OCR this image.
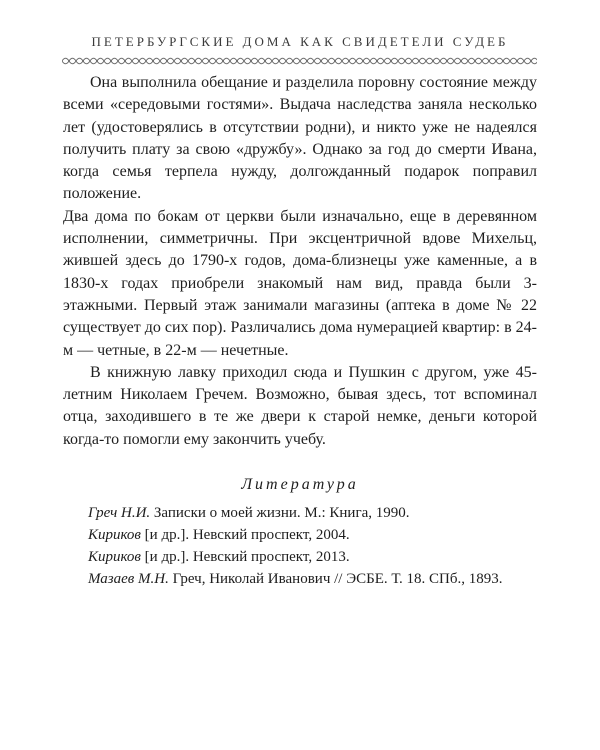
ПЕТЕРБУРГСКИЕ ДОМА КАК СВИДЕТЕЛИ СУДЕБ

Она выполнила обещание и разделила поровну состояние между всеми «середовыми гостями». Выдача наследства заняла несколько лет (удостоверялись в отсутствии родни), и никто уже не надеялся получить плату за свою «дружбу». Однако за год до смерти Ивана, когда семья терпела нужду, долгожданный подарок поправил положение.

Два дома по бокам от церкви были изначально, еще в деревянном исполнении, симметричны. При эксцентричной вдове Михельц, жившей здесь до 1790-х годов, дома-близнецы уже каменные, а в 1830-х годах приобрели знакомый нам вид, правда были 3-этажными. Первый этаж занимали магазины (аптека в доме № 22 существует до сих пор). Различались дома нумерацией квартир: в 24-м — четные, в 22-м — нечетные.

В книжную лавку приходил сюда и Пушкин с другом, уже 45-летним Николаем Гречем. Возможно, бывая здесь, тот вспоминал отца, заходившего в те же двери к старой немке, деньги которой когда-то помогли ему закончить учебу.

Литература

Греч Н.И. Записки о моей жизни. М.: Книга, 1990.

Кириков [и др.]. Невский проспект, 2004.

Кириков [и др.]. Невский проспект, 2013.

Мазаев М.Н. Греч, Николай Иванович // ЭСБЕ. Т. 18. СПб., 1893.
